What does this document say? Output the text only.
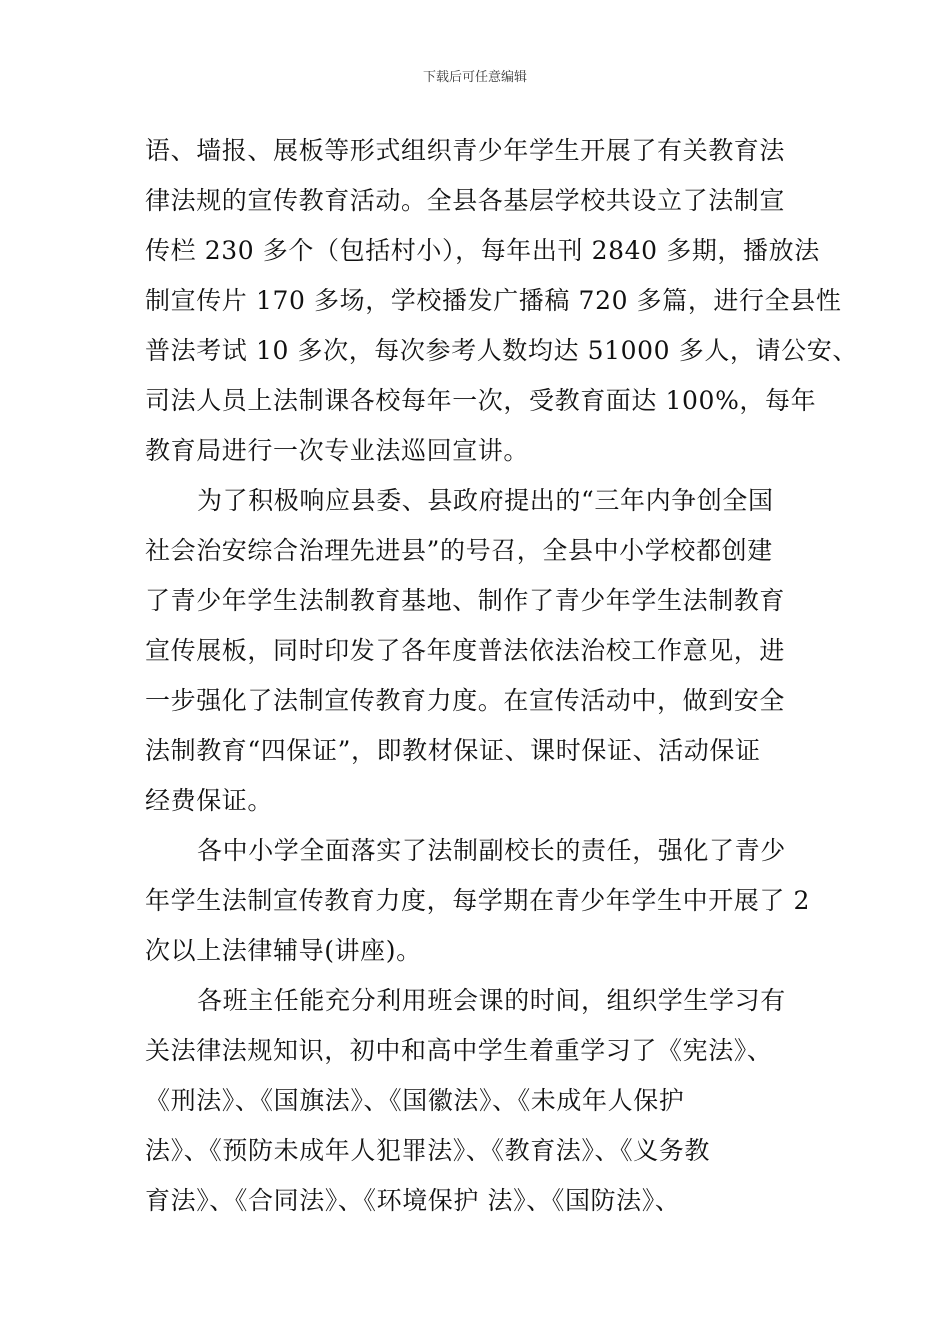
下载后可任意编辑
语、墙报、展板等形式组织青少年学生开展了有关教育法
律法规的宣传教育活动。全县各基层学校共设立了法制宣
传栏 230 多个（包括村小），每年出刊 2840 多期，播放法
制宣传片 170 多场，学校播发广播稿 720 多篇，进行全县性
普法考试 10 多次，每次参考人数均达 51000 多人，请公安、
司法人员上法制课各校每年一次，受教育面达 100%，每年
教育局进行一次专业法巡回宣讲。
为了积极响应县委、县政府提出的“三年内争创全国
社会治安综合治理先进县”的号召，全县中小学校都创建
了青少年学生法制教育基地、制作了青少年学生法制教育
宣传展板，同时印发了各年度普法依法治校工作意见，进
一步强化了法制宣传教育力度。在宣传活动中，做到安全
法制教育“四保证”，即教材保证、课时保证、活动保证
经费保证。
各中小学全面落实了法制副校长的责任，强化了青少
年学生法制宣传教育力度，每学期在青少年学生中开展了 2
次以上法律辅导(讲座)。
各班主任能充分利用班会课的时间，组织学生学习有
关法律法规知识，初中和高中学生着重学习了《宪法》、
《刑法》、《国旗法》、《国徽法》、《未成年人保护
法》、《预防未成年人犯罪法》、《教育法》、《义务教
育法》、《合同法》、《环境保护 法》、《国防法》、
